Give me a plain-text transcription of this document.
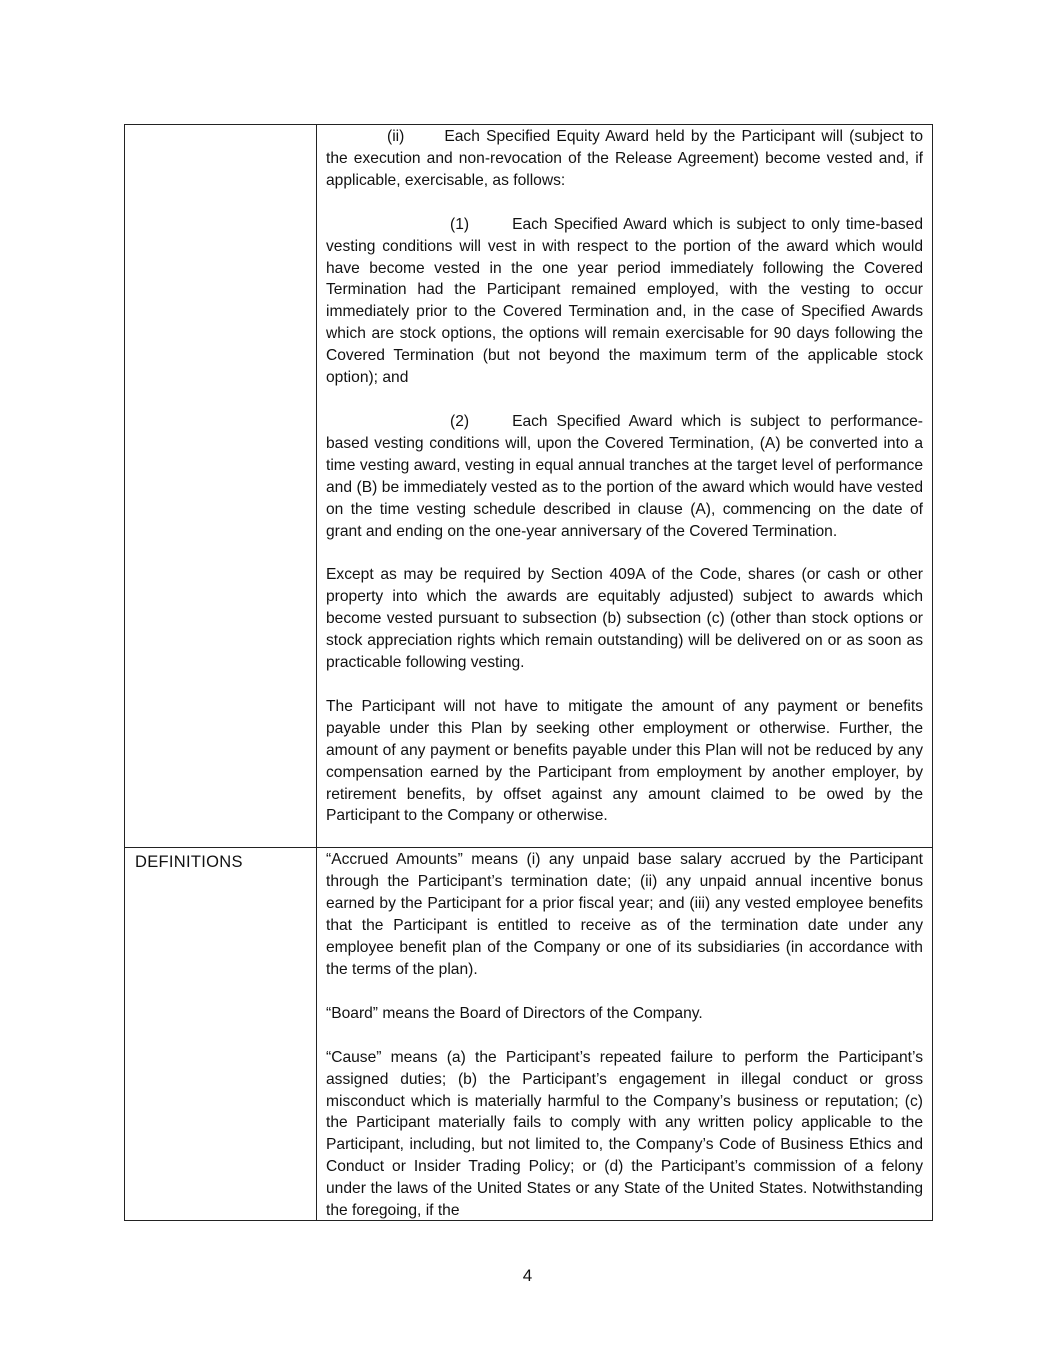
	(ii) Each Specified Equity Award held by the Participant will (subject to the execution and non-revocation of the Release Agreement) become vested and, if applicable, exercisable, as follows:

(1) Each Specified Award which is subject to only time-based vesting conditions will vest in with respect to the portion of the award which would have become vested in the one year period immediately following the Covered Termination had the Participant remained employed, with the vesting to occur immediately prior to the Covered Termination and, in the case of Specified Awards which are stock options, the options will remain exercisable for 90 days following the Covered Termination (but not beyond the maximum term of the applicable stock option); and

(2) Each Specified Award which is subject to performance-based vesting conditions will, upon the Covered Termination, (A) be converted into a time vesting award, vesting in equal annual tranches at the target level of performance and (B) be immediately vested as to the portion of the award which would have vested on the time vesting schedule described in clause (A), commencing on the date of grant and ending on the one-year anniversary of the Covered Termination.

Except as may be required by Section 409A of the Code, shares (or cash or other property into which the awards are equitably adjusted) subject to awards which become vested pursuant to subsection (b) subsection (c) (other than stock options or stock appreciation rights which remain outstanding) will be delivered on or as soon as practicable following vesting.

The Participant will not have to mitigate the amount of any payment or benefits payable under this Plan by seeking other employment or otherwise. Further, the amount of any payment or benefits payable under this Plan will not be reduced by any compensation earned by the Participant from employment by another employer, by retirement benefits, by offset against any amount claimed to be owed by the Participant to the Company or otherwise.

DEFINITIONS	“Accrued Amounts” means (i) any unpaid base salary accrued by the Participant through the Participant’s termination date; (ii) any unpaid annual incentive bonus earned by the Participant for a prior fiscal year; and (iii) any vested employee benefits that the Participant is entitled to receive as of the termination date under any employee benefit plan of the Company or one of its subsidiaries (in accordance with the terms of the plan).

“Board” means the Board of Directors of the Company.

“Cause” means (a) the Participant’s repeated failure to perform the Participant’s assigned duties; (b) the Participant’s engagement in illegal conduct or gross misconduct which is materially harmful to the Company’s business or reputation; (c) the Participant materially fails to comply with any written policy applicable to the Participant, including, but not limited to, the Company’s Code of Business Ethics and Conduct or Insider Trading Policy; or (d) the Participant’s commission of a felony under the laws of the United States or any State of the United States. Notwithstanding the foregoing, if the

4
